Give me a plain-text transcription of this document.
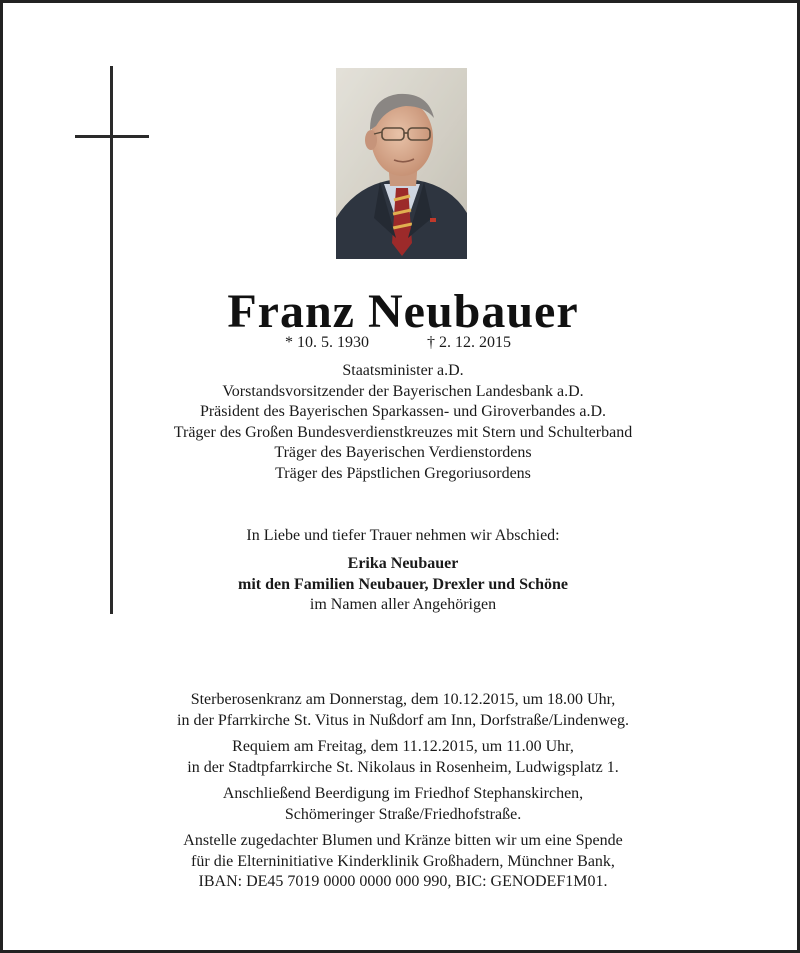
Franz Neubauer
* 10. 5. 1930	† 2. 12. 2015
Staatsminister a.D.
Vorstandsvorsitzender der Bayerischen Landesbank a.D.
Präsident des Bayerischen Sparkassen- und Giroverbandes a.D.
Träger des Großen Bundesverdienstkreuzes mit Stern und Schulterband
Träger des Bayerischen Verdienstordens
Träger des Päpstlichen Gregoriusordens
In Liebe und tiefer Trauer nehmen wir Abschied:
Erika Neubauer
mit den Familien Neubauer, Drexler und Schöne
im Namen aller Angehörigen
Sterberosenkranz am Donnerstag, dem 10.12.2015, um 18.00 Uhr,
in der Pfarrkirche St. Vitus in Nußdorf am Inn, Dorfstraße/Lindenweg.
Requiem am Freitag, dem 11.12.2015, um 11.00 Uhr,
in der Stadtpfarrkirche St. Nikolaus in Rosenheim, Ludwigsplatz 1.
Anschließend Beerdigung im Friedhof Stephanskirchen,
Schömeringer Straße/Friedhofstraße.
Anstelle zugedachter Blumen und Kränze bitten wir um eine Spende
für die Elterninitiative Kinderklinik Großhadern, Münchner Bank,
IBAN: DE45 7019 0000 0000 000 990, BIC: GENODEF1M01.
